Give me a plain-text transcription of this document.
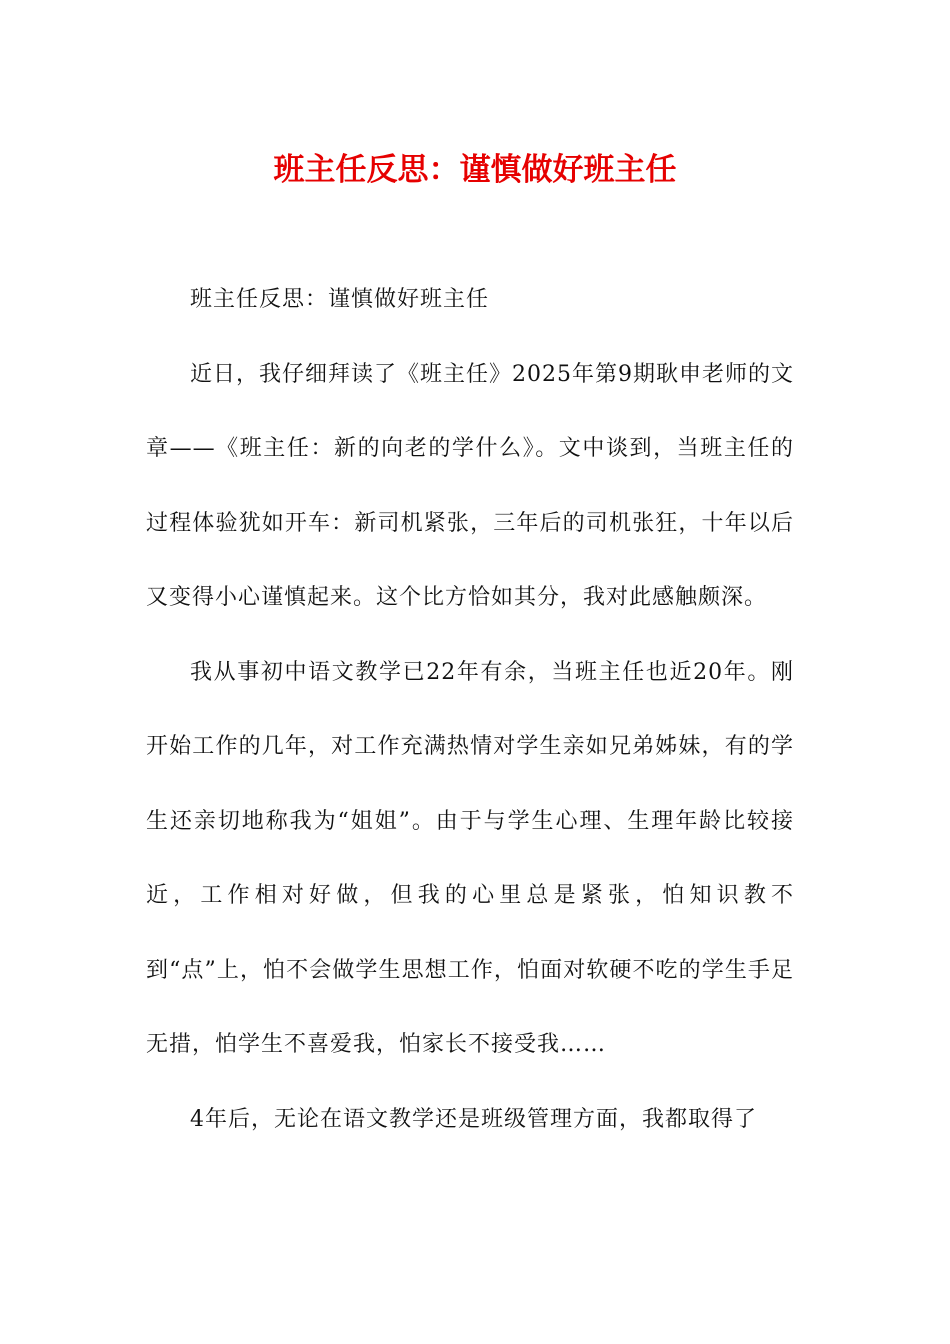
班主任反思：谨慎做好班主任

班主任反思：谨慎做好班主任

近日，我仔细拜读了《班主任》2025年第9期耿申老师的文章——《班主任：新的向老的学什么》。文中谈到，当班主任的过程体验犹如开车：新司机紧张，三年后的司机张狂，十年以后又变得小心谨慎起来。这个比方恰如其分，我对此感触颇深。

我从事初中语文教学已22年有余，当班主任也近20年。刚开始工作的几年，对工作充满热情对学生亲如兄弟姊妹，有的学生还亲切地称我为“姐姐”。由于与学生心理、生理年龄比较接近，工作相对好做，但我的心里总是紧张，怕知识教不到“点”上，怕不会做学生思想工作，怕面对软硬不吃的学生手足无措，怕学生不喜爱我，怕家长不接受我……

4年后，无论在语文教学还是班级管理方面，我都取得了
